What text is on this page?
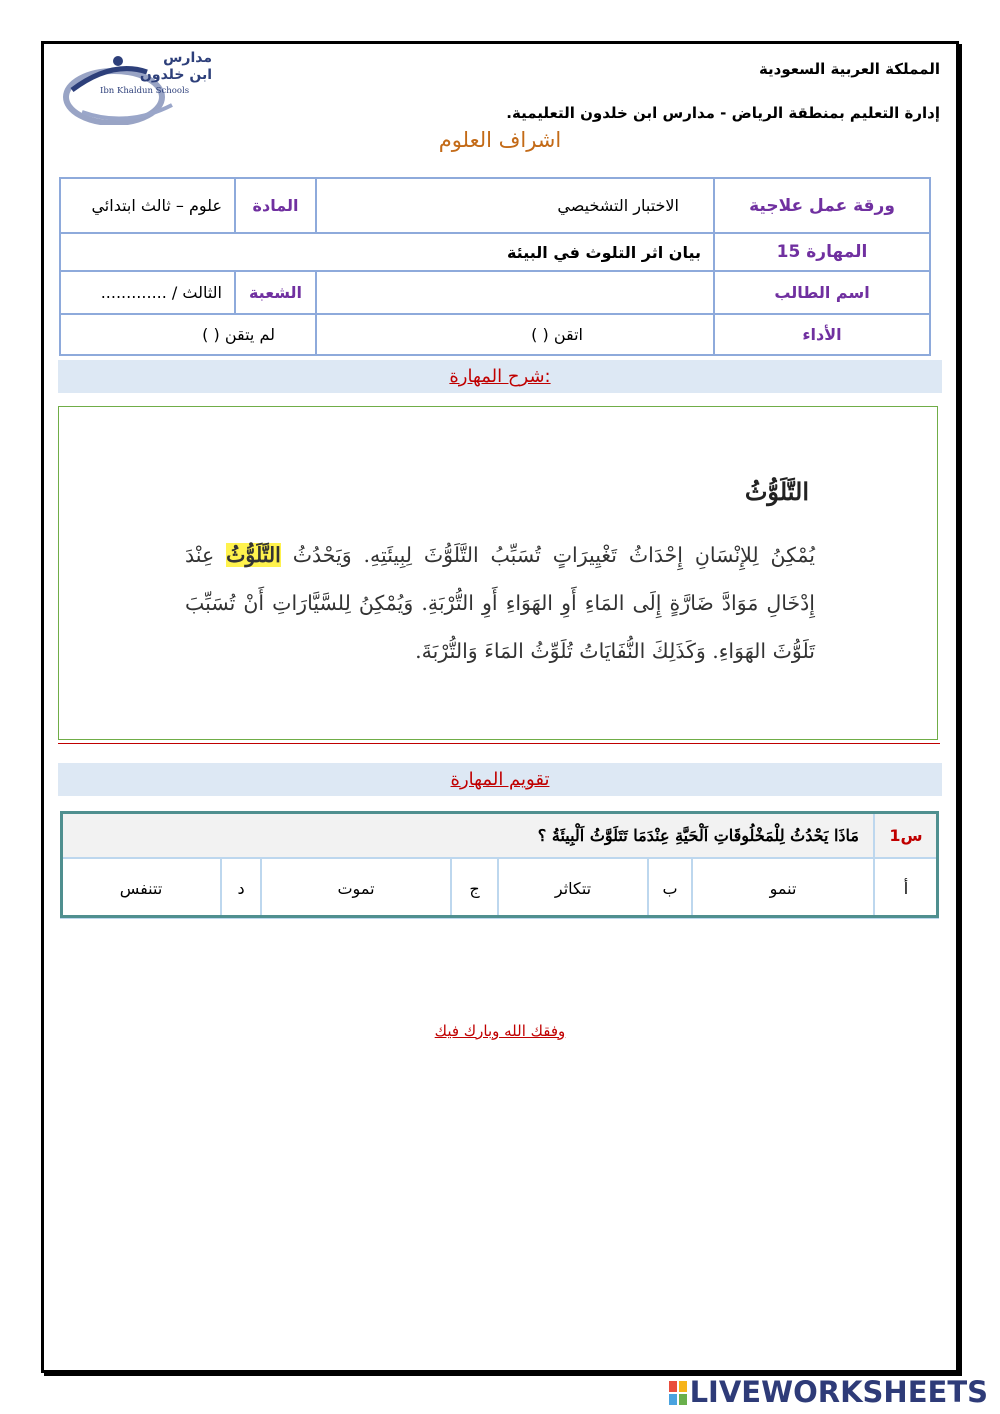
مدارس
ابن خلدون
Ibn Khaldun Schools
المملكة العربية السعودية
إدارة التعليم بمنطقة الرياض - مدارس ابن خلدون التعليمية.
اشراف العلوم
ورقة عمل علاجية	الاختبار التشخيصي	المادة	علوم – ثالث ابتدائي
المهارة 15	بيان اثر التلوث في البيئة		
اسم الطالب		الشعبة	الثالث / .............
الأداء	اتقن ( )	لم يتقن ( )	
شرح المهارة:
التَّلَوُّثُ
يُمْكِنُ لِلإِنْسَانِ إِحْدَاثُ تَغْيِيرَاتٍ تُسَبِّبُ التَّلَوُّثَ لِبِيئَتِهِ. وَيَحْدُثُ التَّلَوُّثُ عِنْدَ إِدْخَالِ مَوَادَّ ضَارَّةٍ إِلَى المَاءِ أَوِ الهَوَاءِ أَوِ التُّرْبَةِ. وَيُمْكِنُ لِلسَّيَّارَاتِ أَنْ تُسَبِّبَ تَلَوُّثَ الهَوَاءِ. وَكَذَلِكَ النُّفَايَاتُ تُلَوِّثُ المَاءَ وَالتُّرْبَةَ.
تقويم المهارة
س1	مَاذَا يَحْدُثُ لِلْمَخْلُوقَاتِ اَلْحَيَّةِ عِنْدَمَا تَتَلَوَّثُ اَلْبِيئَةُ ؟						
أ	تنمو	ب	تتكاثر	ج	تموت	د	تتنفس
وفقك الله وبارك فيك
LIVEWORKSHEETS
